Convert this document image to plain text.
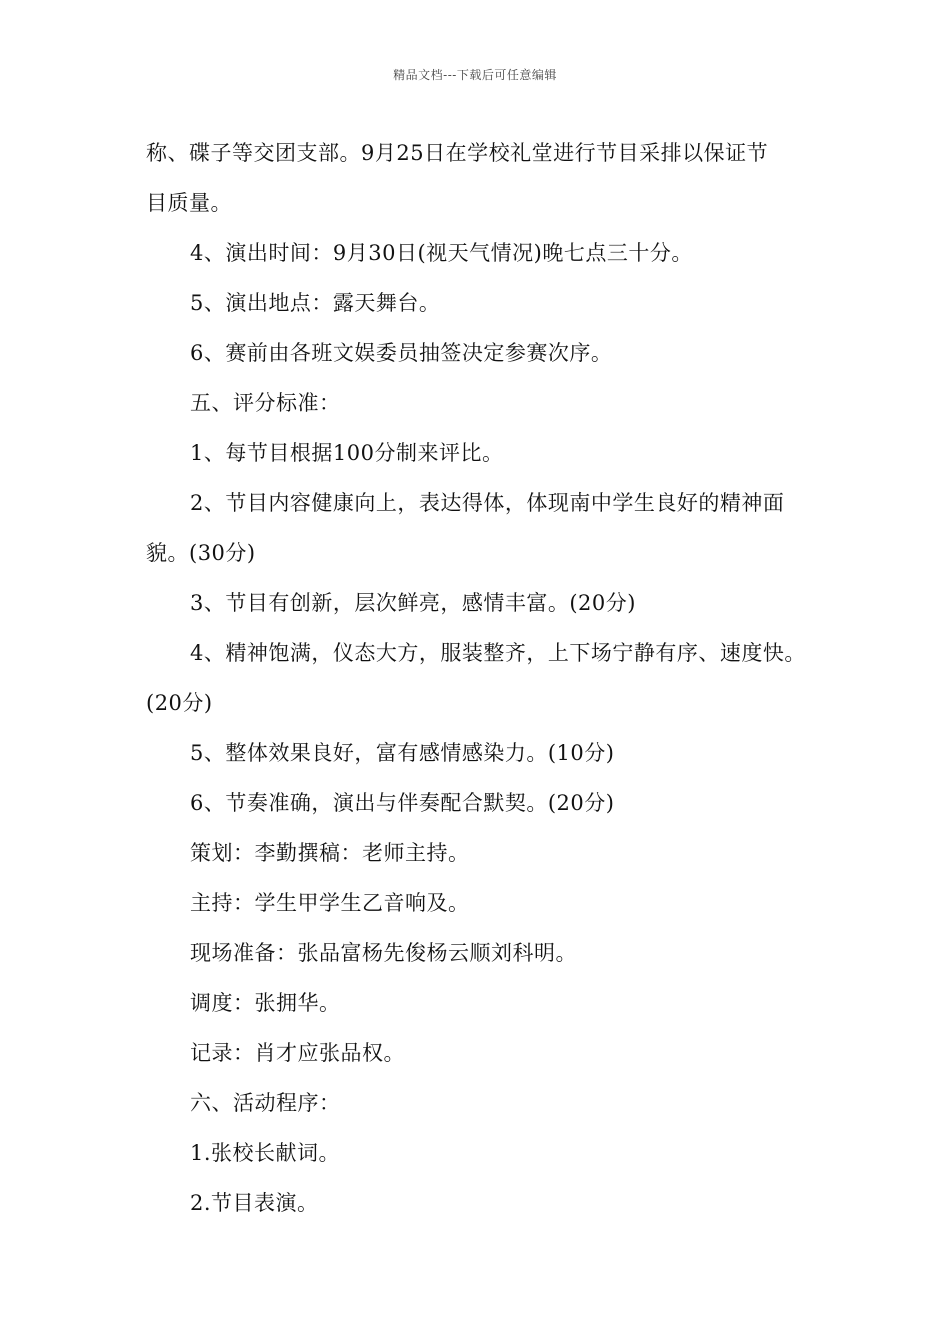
精品文档---下载后可任意编辑
称、碟子等交团支部。9月25日在学校礼堂进行节目采排以保证节
目质量。
4、演出时间：9月30日(视天气情况)晚七点三十分。
5、演出地点：露天舞台。
6、赛前由各班文娱委员抽签决定参赛次序。
五、评分标准：
1、每节目根据100分制来评比。
2、节目内容健康向上，表达得体，体现南中学生良好的精神面
貌。(30分)
3、节目有创新，层次鲜亮，感情丰富。(20分)
4、精神饱满，仪态大方，服装整齐，上下场宁静有序、速度快。
(20分)
5、整体效果良好，富有感情感染力。(10分)
6、节奏准确，演出与伴奏配合默契。(20分)
策划：李勤撰稿：老师主持。
主持：学生甲学生乙音响及。
现场准备：张品富杨先俊杨云顺刘科明。
调度：张拥华。
记录：肖才应张品权。
六、活动程序：
1.张校长献词。
2.节目表演。
